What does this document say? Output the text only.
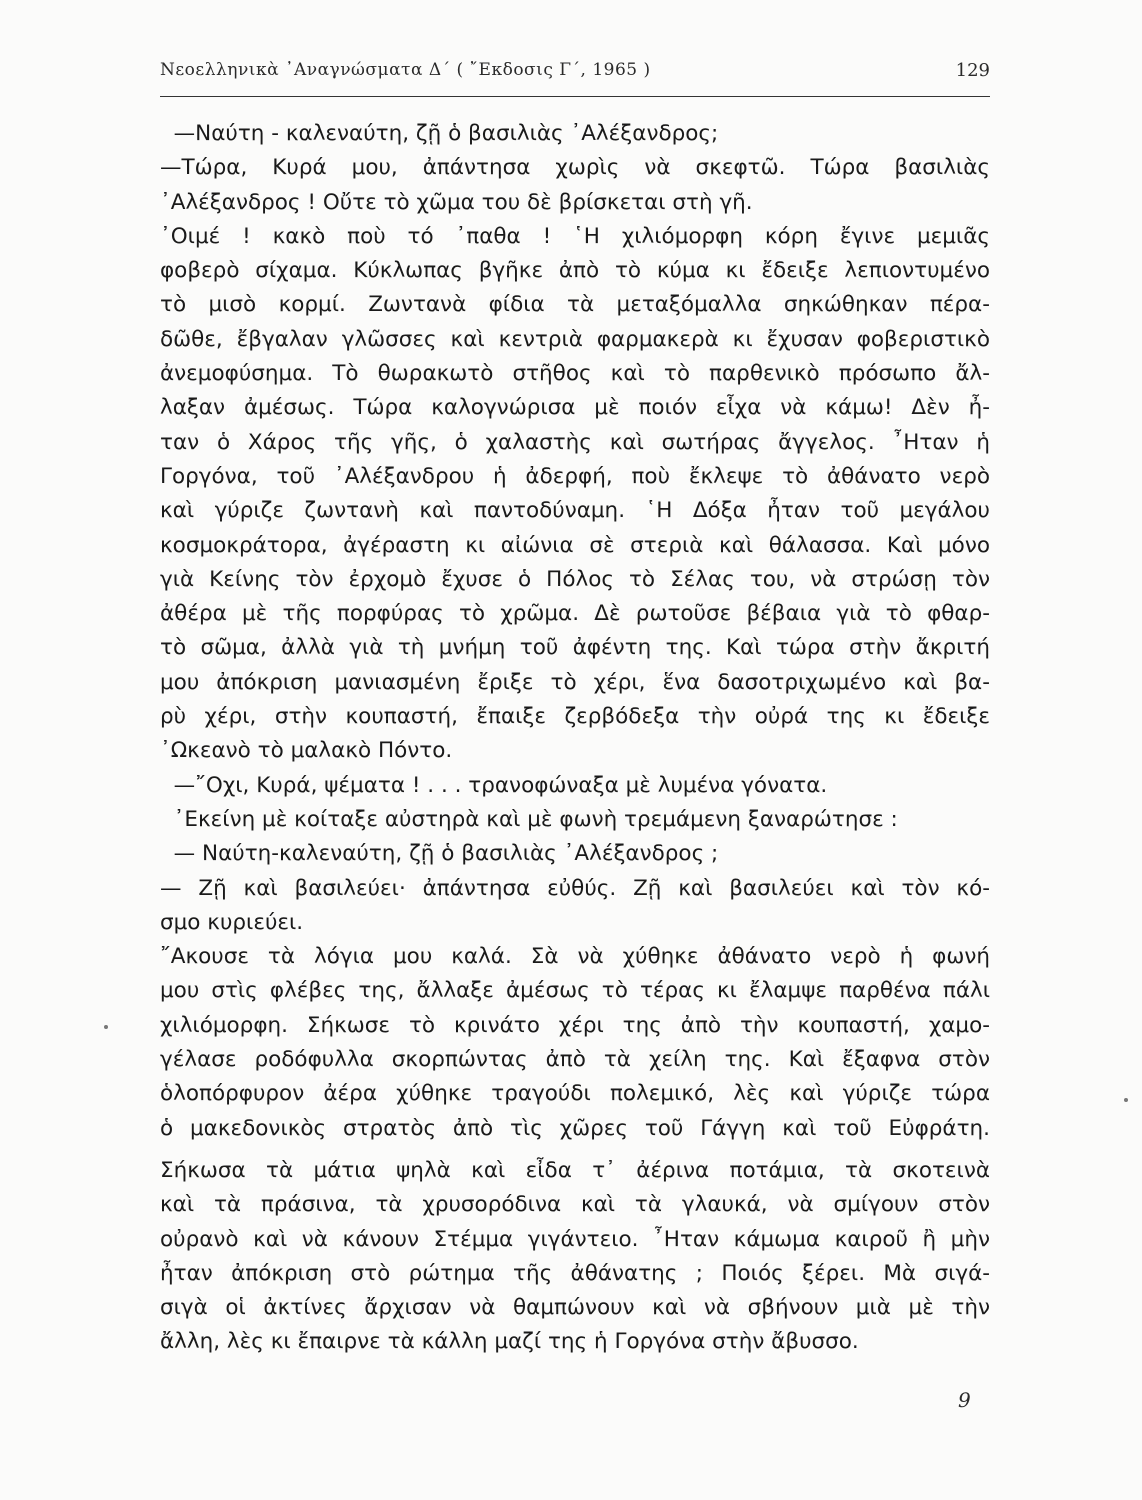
Νεοελληνικὰ ᾿Αναγνώσματα Δ΄ ( ῎Εκδοσις Γ΄, 1965 )	129
—Ναύτη - καλεναύτη, ζῇ ὁ βασιλιὰς ᾿Αλέξανδρος;
—Τώρα, Κυρά μου, ἀπάντησα χωρὶς νὰ σκεφτῶ. Τώρα βασιλιὰς
᾿Αλέξανδρος ! Οὔτε τὸ χῶμα του δὲ βρίσκεται στὴ γῆ.
᾿Οιμέ ! κακὸ ποὺ τό ᾿παθα ! ῾Η χιλιόμορφη κόρη ἔγινε μεμιᾶς
φοβερὸ σίχαμα. Κύκλωπας βγῆκε ἀπὸ τὸ κύμα κι ἔδειξε λεπιοντυμένο
τὸ μισὸ κορμί. Ζωντανὰ φίδια τὰ μεταξόμαλλα σηκώθηκαν πέρα-
δῶθε, ἔβγαλαν γλῶσσες καὶ κεντριὰ φαρμακερὰ κι ἔχυσαν φοβεριστικὸ
ἀνεμοφύσημα. Τὸ θωρακωτὸ στῆθος καὶ τὸ παρθενικὸ πρόσωπο ἄλ-
λαξαν ἀμέσως. Τώρα καλογνώρισα μὲ ποιόν εἶχα νὰ κάμω! Δὲν ἦ-
ταν ὁ Χάρος τῆς γῆς, ὁ χαλαστὴς καὶ σωτήρας ἄγγελος. ῏Ηταν ἡ
Γοργόνα, τοῦ ᾿Αλέξανδρου ἡ ἀδερφή, ποὺ ἔκλεψε τὸ ἀθάνατο νερὸ
καὶ γύριζε ζωντανὴ καὶ παντοδύναμη. ῾Η Δόξα ἦταν τοῦ μεγάλου
κοσμοκράτορα, ἀγέραστη κι αἰώνια σὲ στεριὰ καὶ θάλασσα. Καὶ μόνο
γιὰ Κείνης τὸν ἐρχομὸ ἔχυσε ὁ Πόλος τὸ Σέλας του, νὰ στρώσῃ τὸν
ἀθέρα μὲ τῆς πορφύρας τὸ χρῶμα. Δὲ ρωτοῦσε βέβαια γιὰ τὸ φθαρ-
τὸ σῶμα, ἀλλὰ γιὰ τὴ μνήμη τοῦ ἀφέντη της. Καὶ τώρα στὴν ἄκριτή
μου ἀπόκριση μανιασμένη ἔριξε τὸ χέρι, ἕνα δασοτριχωμένο καὶ βα-
ρὺ χέρι, στὴν κουπαστή, ἔπαιξε ζερβόδεξα τὴν οὐρά της κι ἔδειξε
᾿Ωκεανὸ τὸ μαλακὸ Πόντο.
—῎Οχι, Κυρά, ψέματα ! . . . τρανοφώναξα μὲ λυμένα γόνατα.
᾿Εκείνη μὲ κοίταξε αὐστηρὰ καὶ μὲ φωνὴ τρεμάμενη ξαναρώτησε :
— Ναύτη-καλεναύτη, ζῇ ὁ βασιλιὰς ᾿Αλέξανδρος ;
— Ζῇ καὶ βασιλεύει· ἀπάντησα εὐθύς. Ζῇ καὶ βασιλεύει καὶ τὸν κό-
σμο κυριεύει.
῎Ακουσε τὰ λόγια μου καλά. Σὰ νὰ χύθηκε ἀθάνατο νερὸ ἡ φωνή
μου στὶς φλέβες της, ἄλλαξε ἀμέσως τὸ τέρας κι ἔλαμψε παρθένα πάλι
χιλιόμορφη. Σήκωσε τὸ κρινάτο χέρι της ἀπὸ τὴν κουπαστή, χαμο-
γέλασε ροδόφυλλα σκορπώντας ἀπὸ τὰ χείλη της. Καὶ ἔξαφνα στὸν
ὁλοπόρφυρον ἀέρα χύθηκε τραγούδι πολεμικό, λὲς καὶ γύριζε τώρα
ὁ μακεδονικὸς στρατὸς ἀπὸ τὶς χῶρες τοῦ Γάγγη καὶ τοῦ Εὐφράτη.
Σήκωσα τὰ μάτια ψηλὰ καὶ εἶδα τ᾿ ἀέρινα ποτάμια, τὰ σκοτεινὰ
καὶ τὰ πράσινα, τὰ χρυσορόδινα καὶ τὰ γλαυκά, νὰ σμίγουν στὸν
οὐρανὸ καὶ νὰ κάνουν Στέμμα γιγάντειο. ῏Ηταν κάμωμα καιροῦ ἢ μὴν
ἦταν ἀπόκριση στὸ ρώτημα τῆς ἀθάνατης ; Ποιός ξέρει. Μὰ σιγά-
σιγὰ οἱ ἀκτίνες ἄρχισαν νὰ θαμπώνουν καὶ νὰ σβήνουν μιὰ μὲ τὴν
ἄλλη, λὲς κι ἔπαιρνε τὰ κάλλη μαζί της ἡ Γοργόνα στὴν ἄβυσσο.
9
